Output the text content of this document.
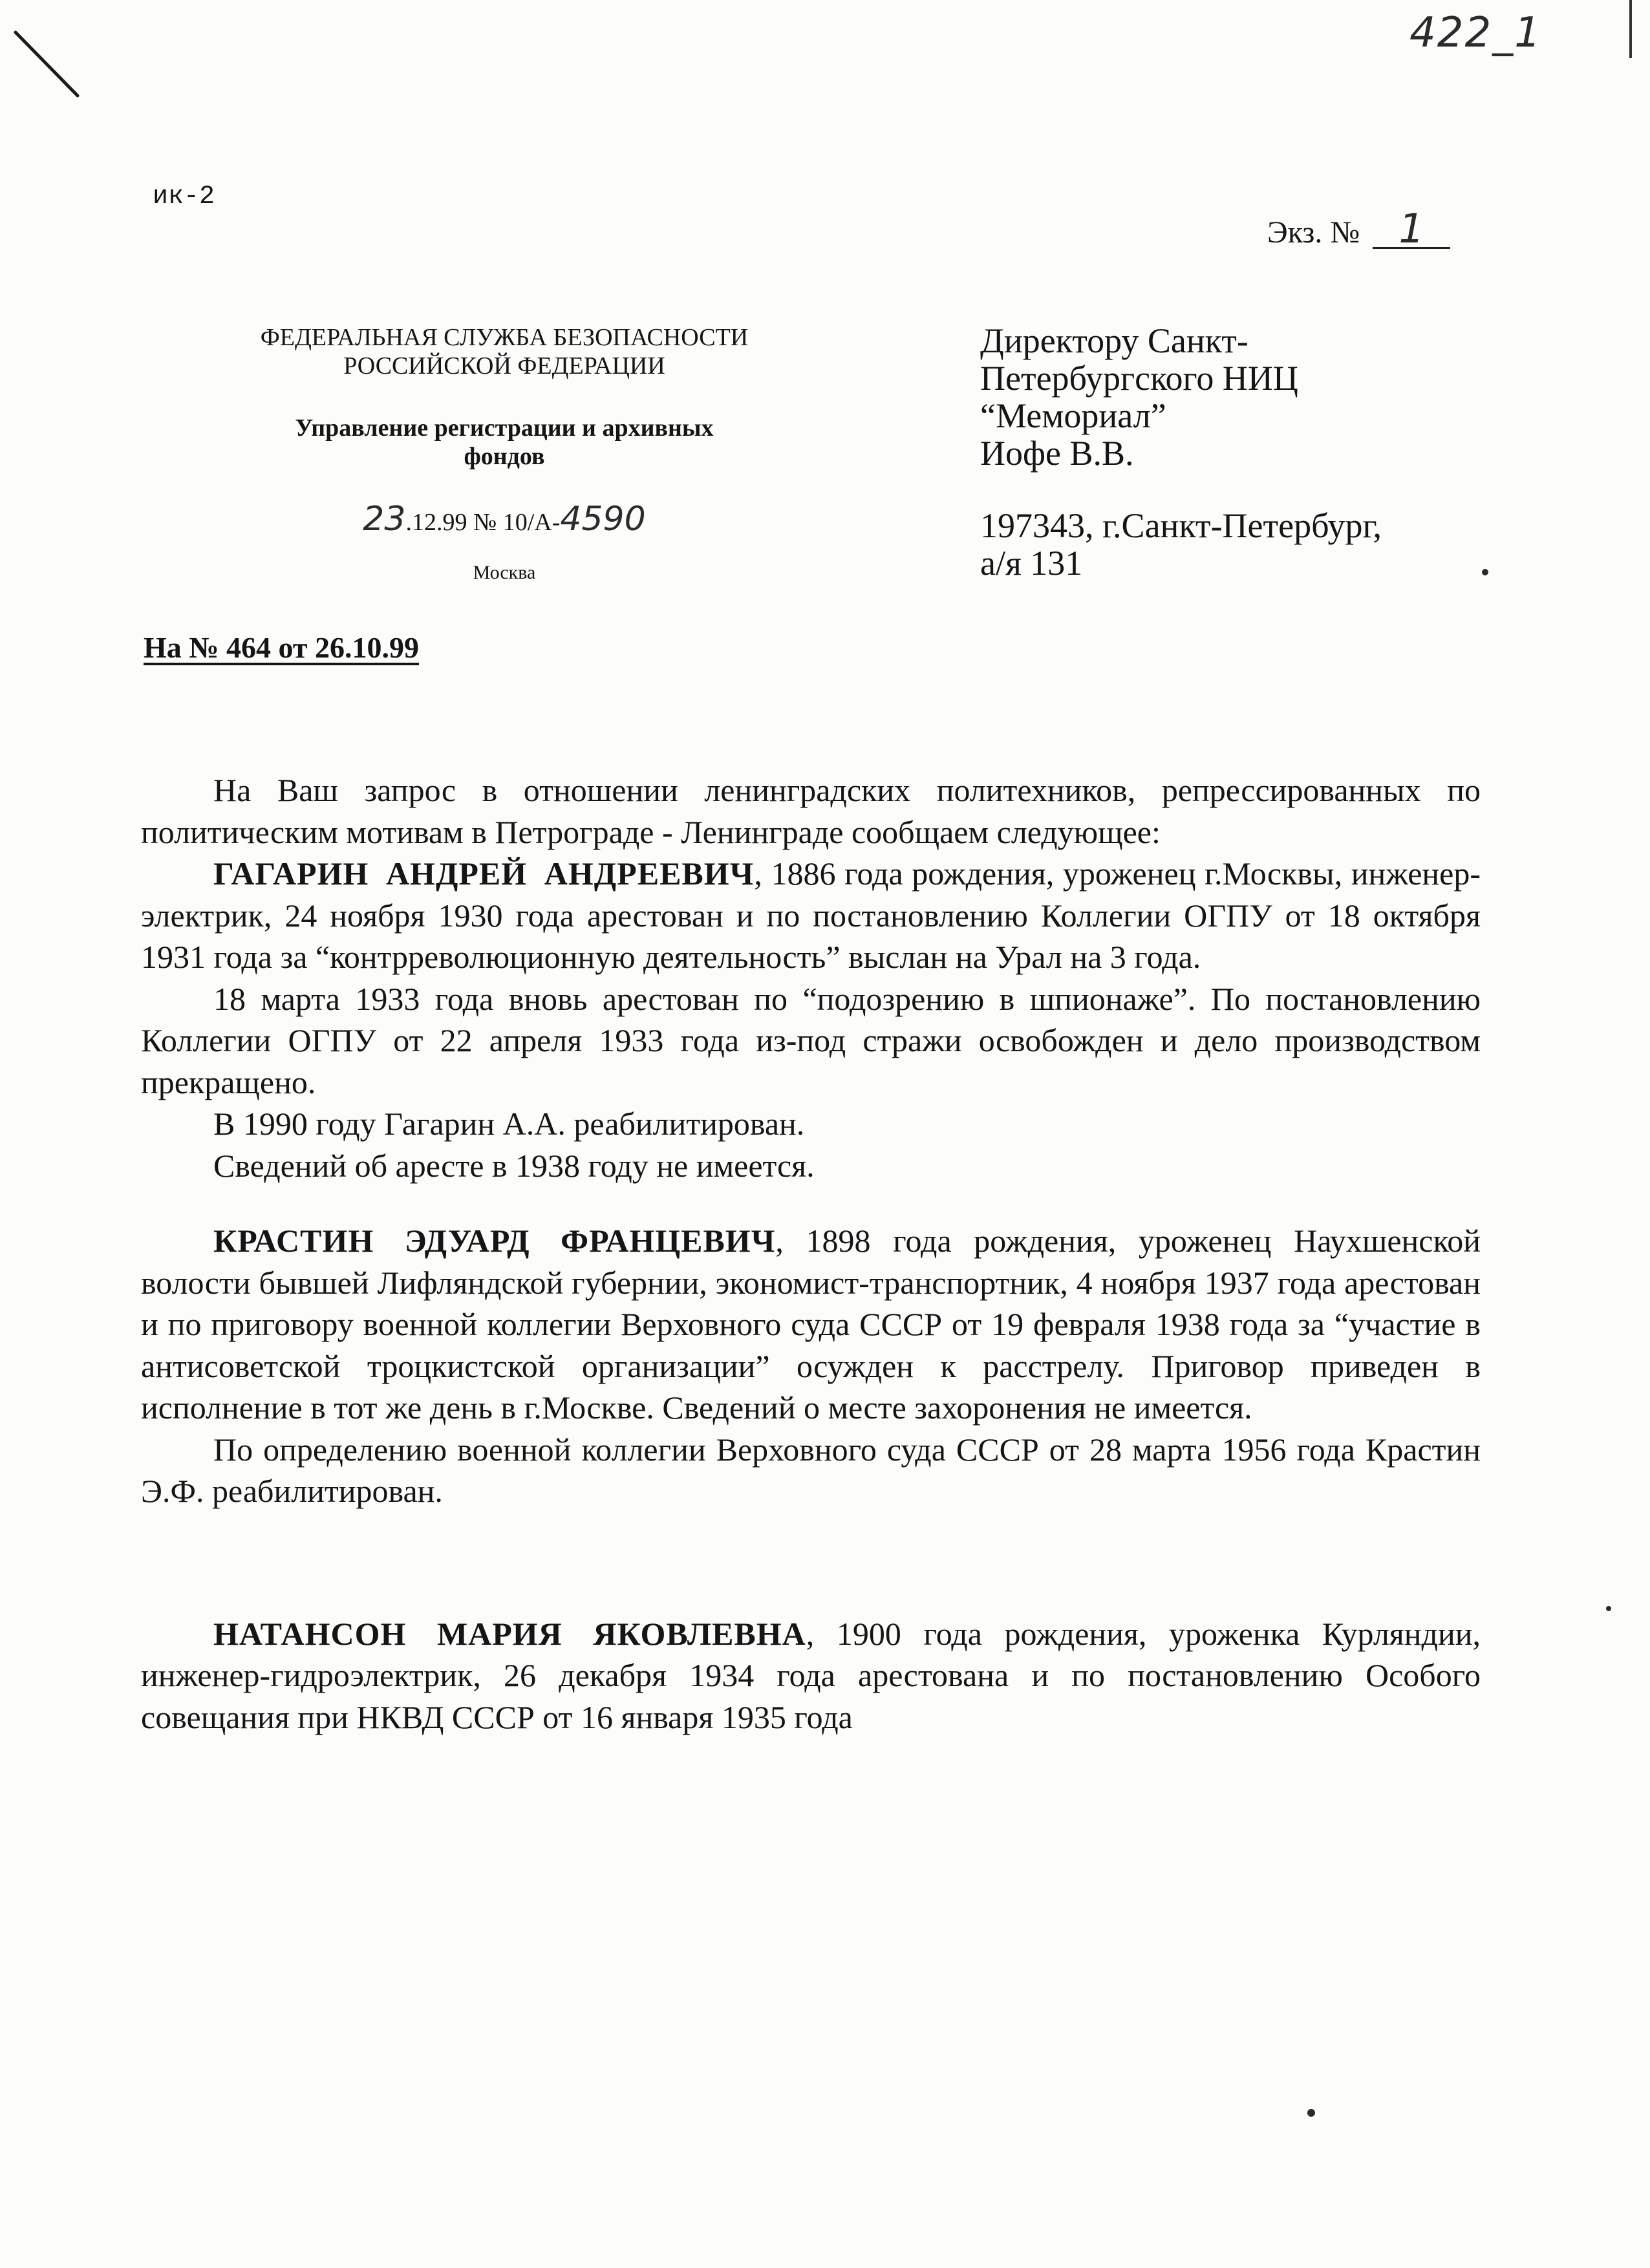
422_1
ик-2
Экз. № 1
ФЕДЕРАЛЬНАЯ СЛУЖБА БЕЗОПАСНОСТИ
РОССИЙСКОЙ ФЕДЕРАЦИИ
Управление регистрации и архивных
фондов
23.12.99 № 10/А-4590
Москва
Директору Санкт-
Петербургского НИЦ
“Мемориал”
Иофе В.В.
197343, г.Санкт-Петербург,
а/я 131
На № 464 от 26.10.99

На Ваш запрос в отношении ленинградских политехников, репрессированных по политическим мотивам в Петрограде - Ленинграде сообщаем следующее:

ГАГАРИН АНДРЕЙ АНДРЕЕВИЧ, 1886 года рождения, уроженец г.Москвы, инженер-электрик, 24 ноября 1930 года арестован и по постановлению Коллегии ОГПУ от 18 октября 1931 года за “контрреволюционную деятельность” выслан на Урал на 3 года.

18 марта 1933 года вновь арестован по “подозрению в шпионаже”. По постановлению Коллегии ОГПУ от 22 апреля 1933 года из-под стражи освобожден и дело производством прекращено.

В 1990 году Гагарин А.А. реабилитирован.

Сведений об аресте в 1938 году не имеется.

КРАСТИН ЭДУАРД ФРАНЦЕВИЧ, 1898 года рождения, уроженец Наухшенской волости бывшей Лифляндской губернии, экономист-транспортник, 4 ноября 1937 года арестован и по приговору военной коллегии Верховного суда СССР от 19 февраля 1938 года за “участие в антисоветской троцкистской организации” осужден к расстрелу. Приговор приведен в исполнение в тот же день в г.Москве. Сведений о месте захоронения не имеется.

По определению военной коллегии Верховного суда СССР от 28 марта 1956 года Крастин Э.Ф. реабилитирован.

НАТАНСОН МАРИЯ ЯКОВЛЕВНА, 1900 года рождения, уроженка Курляндии, инженер-гидроэлектрик, 26 декабря 1934 года арестована и по постановлению Особого совещания при НКВД СССР от 16 января 1935 года
